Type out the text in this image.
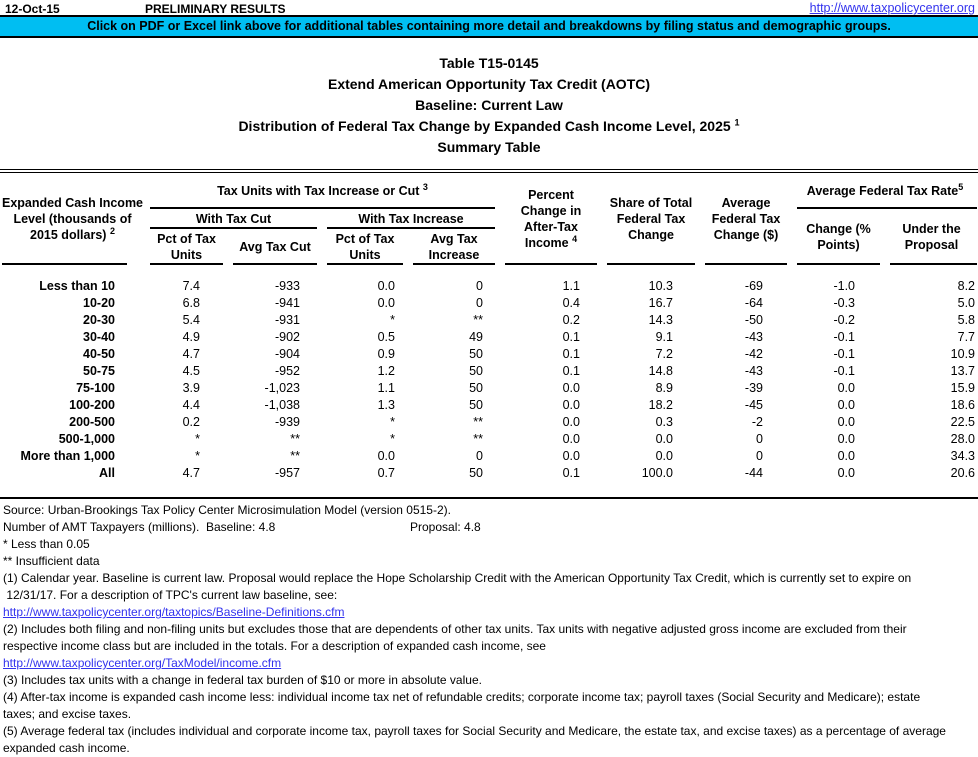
12-Oct-15	PRELIMINARY RESULTS	http://www.taxpolicycenter.org
Click on PDF or Excel link above for additional tables containing more detail and breakdowns by filing status and demographic groups.
Table T15-0145
Extend American Opportunity Tax Credit (AOTC)
Baseline: Current Law
Distribution of Federal Tax Change by Expanded Cash Income Level, 2025 $^1$
Summary Table
Expanded Cash Income Level (thousands of 2015 dollars) $^2$	Tax Units with Tax Increase or Cut $^3$				Percent Change in After-Tax Income $^4$	Share of Total Federal Tax Change	Average Federal Tax Change ($)	Average Federal Tax Rate$^5$
	With Tax Cut		With Tax Increase					Change (% Points)	Under the Proposal
	Pct of Tax Units	Avg Tax Cut	Pct of Tax Units	Avg Tax Increase					

Less than 10	7.4	-933	0.0	0	1.1	10.3	-69	-1.0	8.2
10-20	6.8	-941	0.0	0	0.4	16.7	-64	-0.3	5.0
20-30	5.4	-931	*	**	0.2	14.3	-50	-0.2	5.8
30-40	4.9	-902	0.5	49	0.1	9.1	-43	-0.1	7.7
40-50	4.7	-904	0.9	50	0.1	7.2	-42	-0.1	10.9
50-75	4.5	-952	1.2	50	0.1	14.8	-43	-0.1	13.7
75-100	3.9	-1,023	1.1	50	0.0	8.9	-39	0.0	15.9
100-200	4.4	-1,038	1.3	50	0.0	18.2	-45	0.0	18.6
200-500	0.2	-939	*	**	0.0	0.3	-2	0.0	22.5
500-1,000	*	**	*	**	0.0	0.0	0	0.0	28.0
More than 1,000	*	**	0.0	0	0.0	0.0	0	0.0	34.3
All	4.7	-957	0.7	50	0.1	100.0	-44	0.0	20.6

Source: Urban-Brookings Tax Policy Center Microsimulation Model (version 0515-2).
Number of AMT Taxpayers (millions).  Baseline: 4.8	Proposal: 4.8
* Less than 0.05
** Insufficient data
(1) Calendar year. Baseline is current law. Proposal would replace the Hope Scholarship Credit with the American Opportunity Tax Credit, which is currently set to expire on
12/31/17. For a description of TPC's current law baseline, see:
http://www.taxpolicycenter.org/taxtopics/Baseline-Definitions.cfm
(2) Includes both filing and non-filing units but excludes those that are dependents of other tax units. Tax units with negative adjusted gross income are excluded from their
respective income class but are included in the totals. For a description of expanded cash income, see
http://www.taxpolicycenter.org/TaxModel/income.cfm
(3) Includes tax units with a change in federal tax burden of $10 or more in absolute value.
(4) After-tax income is expanded cash income less: individual income tax net of refundable credits; corporate income tax; payroll taxes (Social Security and Medicare); estate
taxes; and excise taxes.
(5) Average federal tax (includes individual and corporate income tax, payroll taxes for Social Security and Medicare, the estate tax, and excise taxes) as a percentage of average
expanded cash income.
